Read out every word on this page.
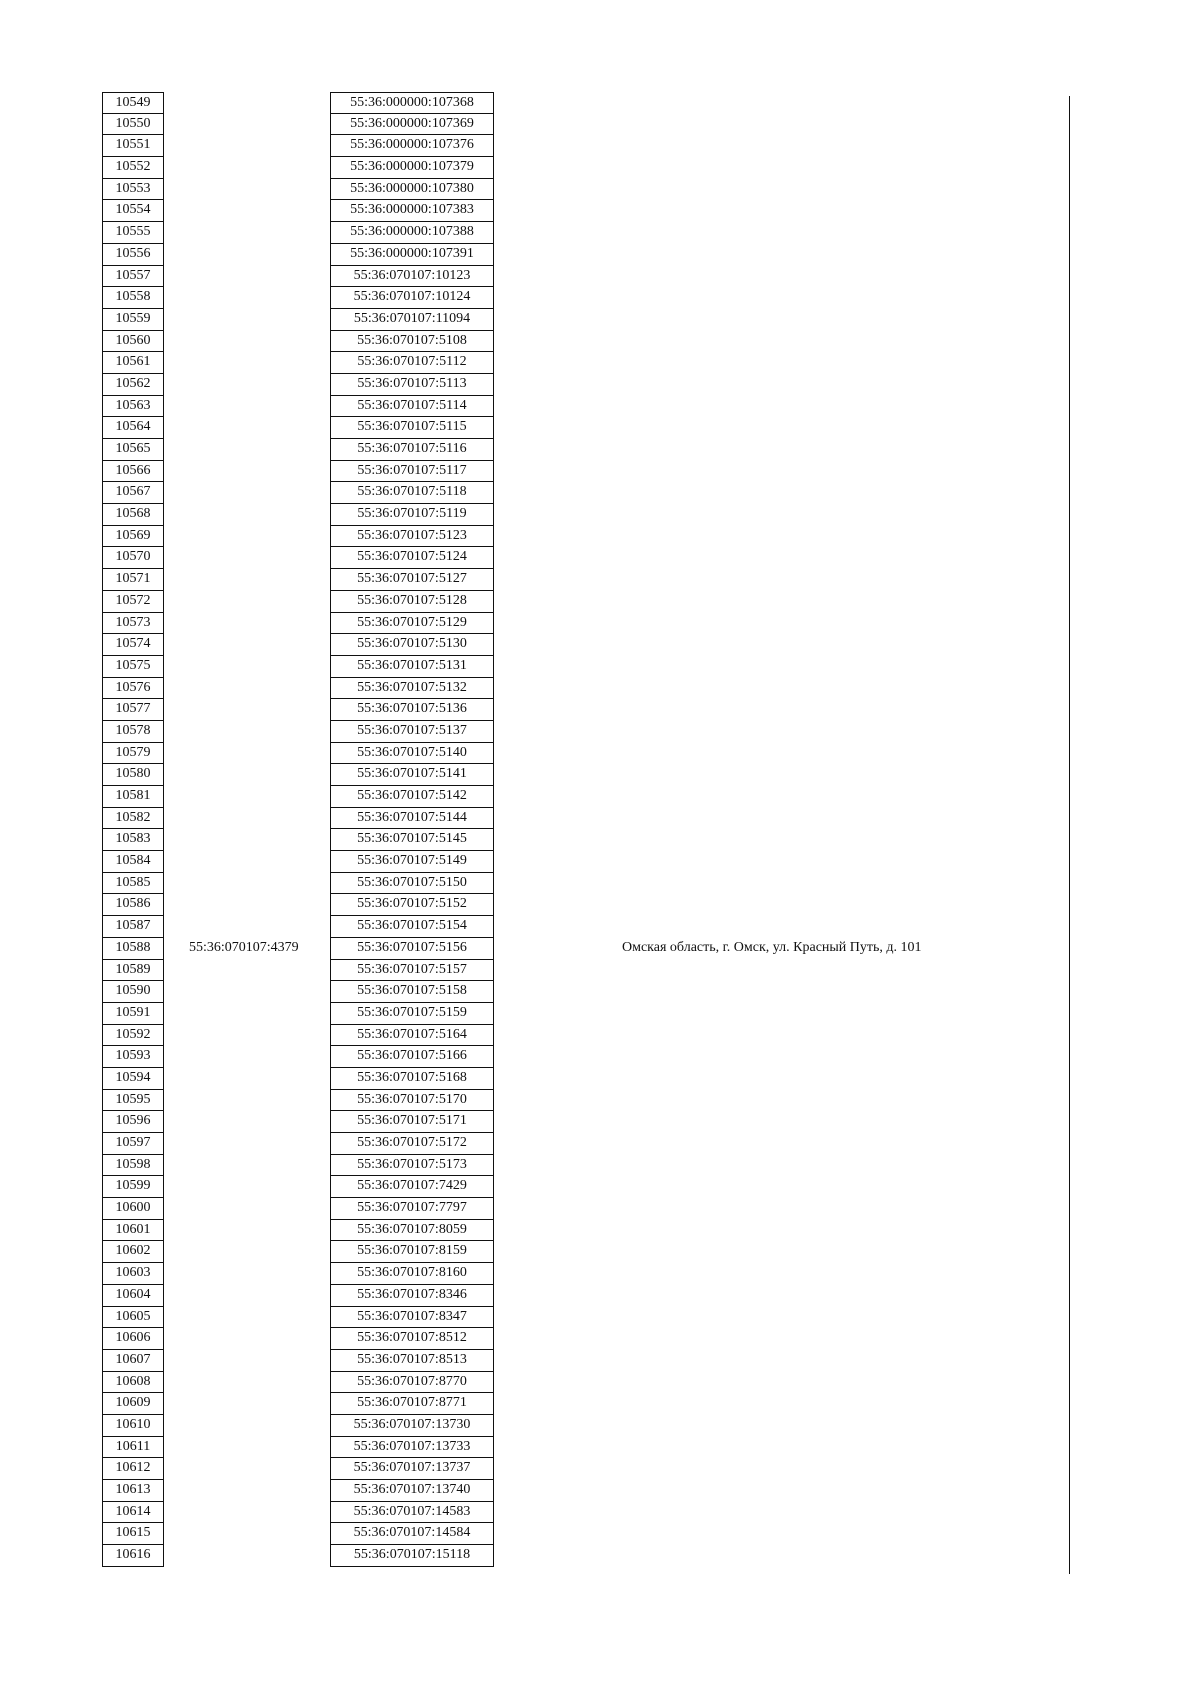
10549
10550
10551
10552
10553
10554
10555
10556
10557
10558
10559
10560
10561
10562
10563
10564
10565
10566
10567
10568
10569
10570
10571
10572
10573
10574
10575
10576
10577
10578
10579
10580
10581
10582
10583
10584
10585
10586
10587
10588
10589
10590
10591
10592
10593
10594
10595
10596
10597
10598
10599
10600
10601
10602
10603
10604
10605
10606
10607
10608
10609
10610
10611
10612
10613
10614
10615
10616
55:36:070107:4379
55:36:000000:107368
55:36:000000:107369
55:36:000000:107376
55:36:000000:107379
55:36:000000:107380
55:36:000000:107383
55:36:000000:107388
55:36:000000:107391
55:36:070107:10123
55:36:070107:10124
55:36:070107:11094
55:36:070107:5108
55:36:070107:5112
55:36:070107:5113
55:36:070107:5114
55:36:070107:5115
55:36:070107:5116
55:36:070107:5117
55:36:070107:5118
55:36:070107:5119
55:36:070107:5123
55:36:070107:5124
55:36:070107:5127
55:36:070107:5128
55:36:070107:5129
55:36:070107:5130
55:36:070107:5131
55:36:070107:5132
55:36:070107:5136
55:36:070107:5137
55:36:070107:5140
55:36:070107:5141
55:36:070107:5142
55:36:070107:5144
55:36:070107:5145
55:36:070107:5149
55:36:070107:5150
55:36:070107:5152
55:36:070107:5154
55:36:070107:5156
55:36:070107:5157
55:36:070107:5158
55:36:070107:5159
55:36:070107:5164
55:36:070107:5166
55:36:070107:5168
55:36:070107:5170
55:36:070107:5171
55:36:070107:5172
55:36:070107:5173
55:36:070107:7429
55:36:070107:7797
55:36:070107:8059
55:36:070107:8159
55:36:070107:8160
55:36:070107:8346
55:36:070107:8347
55:36:070107:8512
55:36:070107:8513
55:36:070107:8770
55:36:070107:8771
55:36:070107:13730
55:36:070107:13733
55:36:070107:13737
55:36:070107:13740
55:36:070107:14583
55:36:070107:14584
55:36:070107:15118
Омская область, г. Омск, ул. Красный Путь, д. 101
